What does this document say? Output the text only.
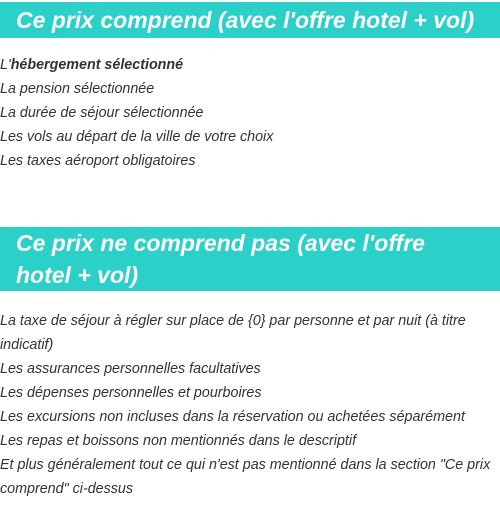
Ce prix comprend (avec l'offre hotel + vol)
L'hébergement sélectionné
La pension sélectionnée
La durée de séjour sélectionnée
Les vols au départ de la ville de votre choix
Les taxes aéroport obligatoires
Ce prix ne comprend pas (avec l'offre hotel + vol)
La taxe de séjour à régler sur place de {0} par personne et par nuit (à titre indicatif)
Les assurances personnelles facultatives
Les dépenses personnelles et pourboires
Les excursions non incluses dans la réservation ou achetées séparément
Les repas et boissons non mentionnés dans le descriptif
Et plus généralement tout ce qui n'est pas mentionné dans la section "Ce prix comprend" ci-dessus
